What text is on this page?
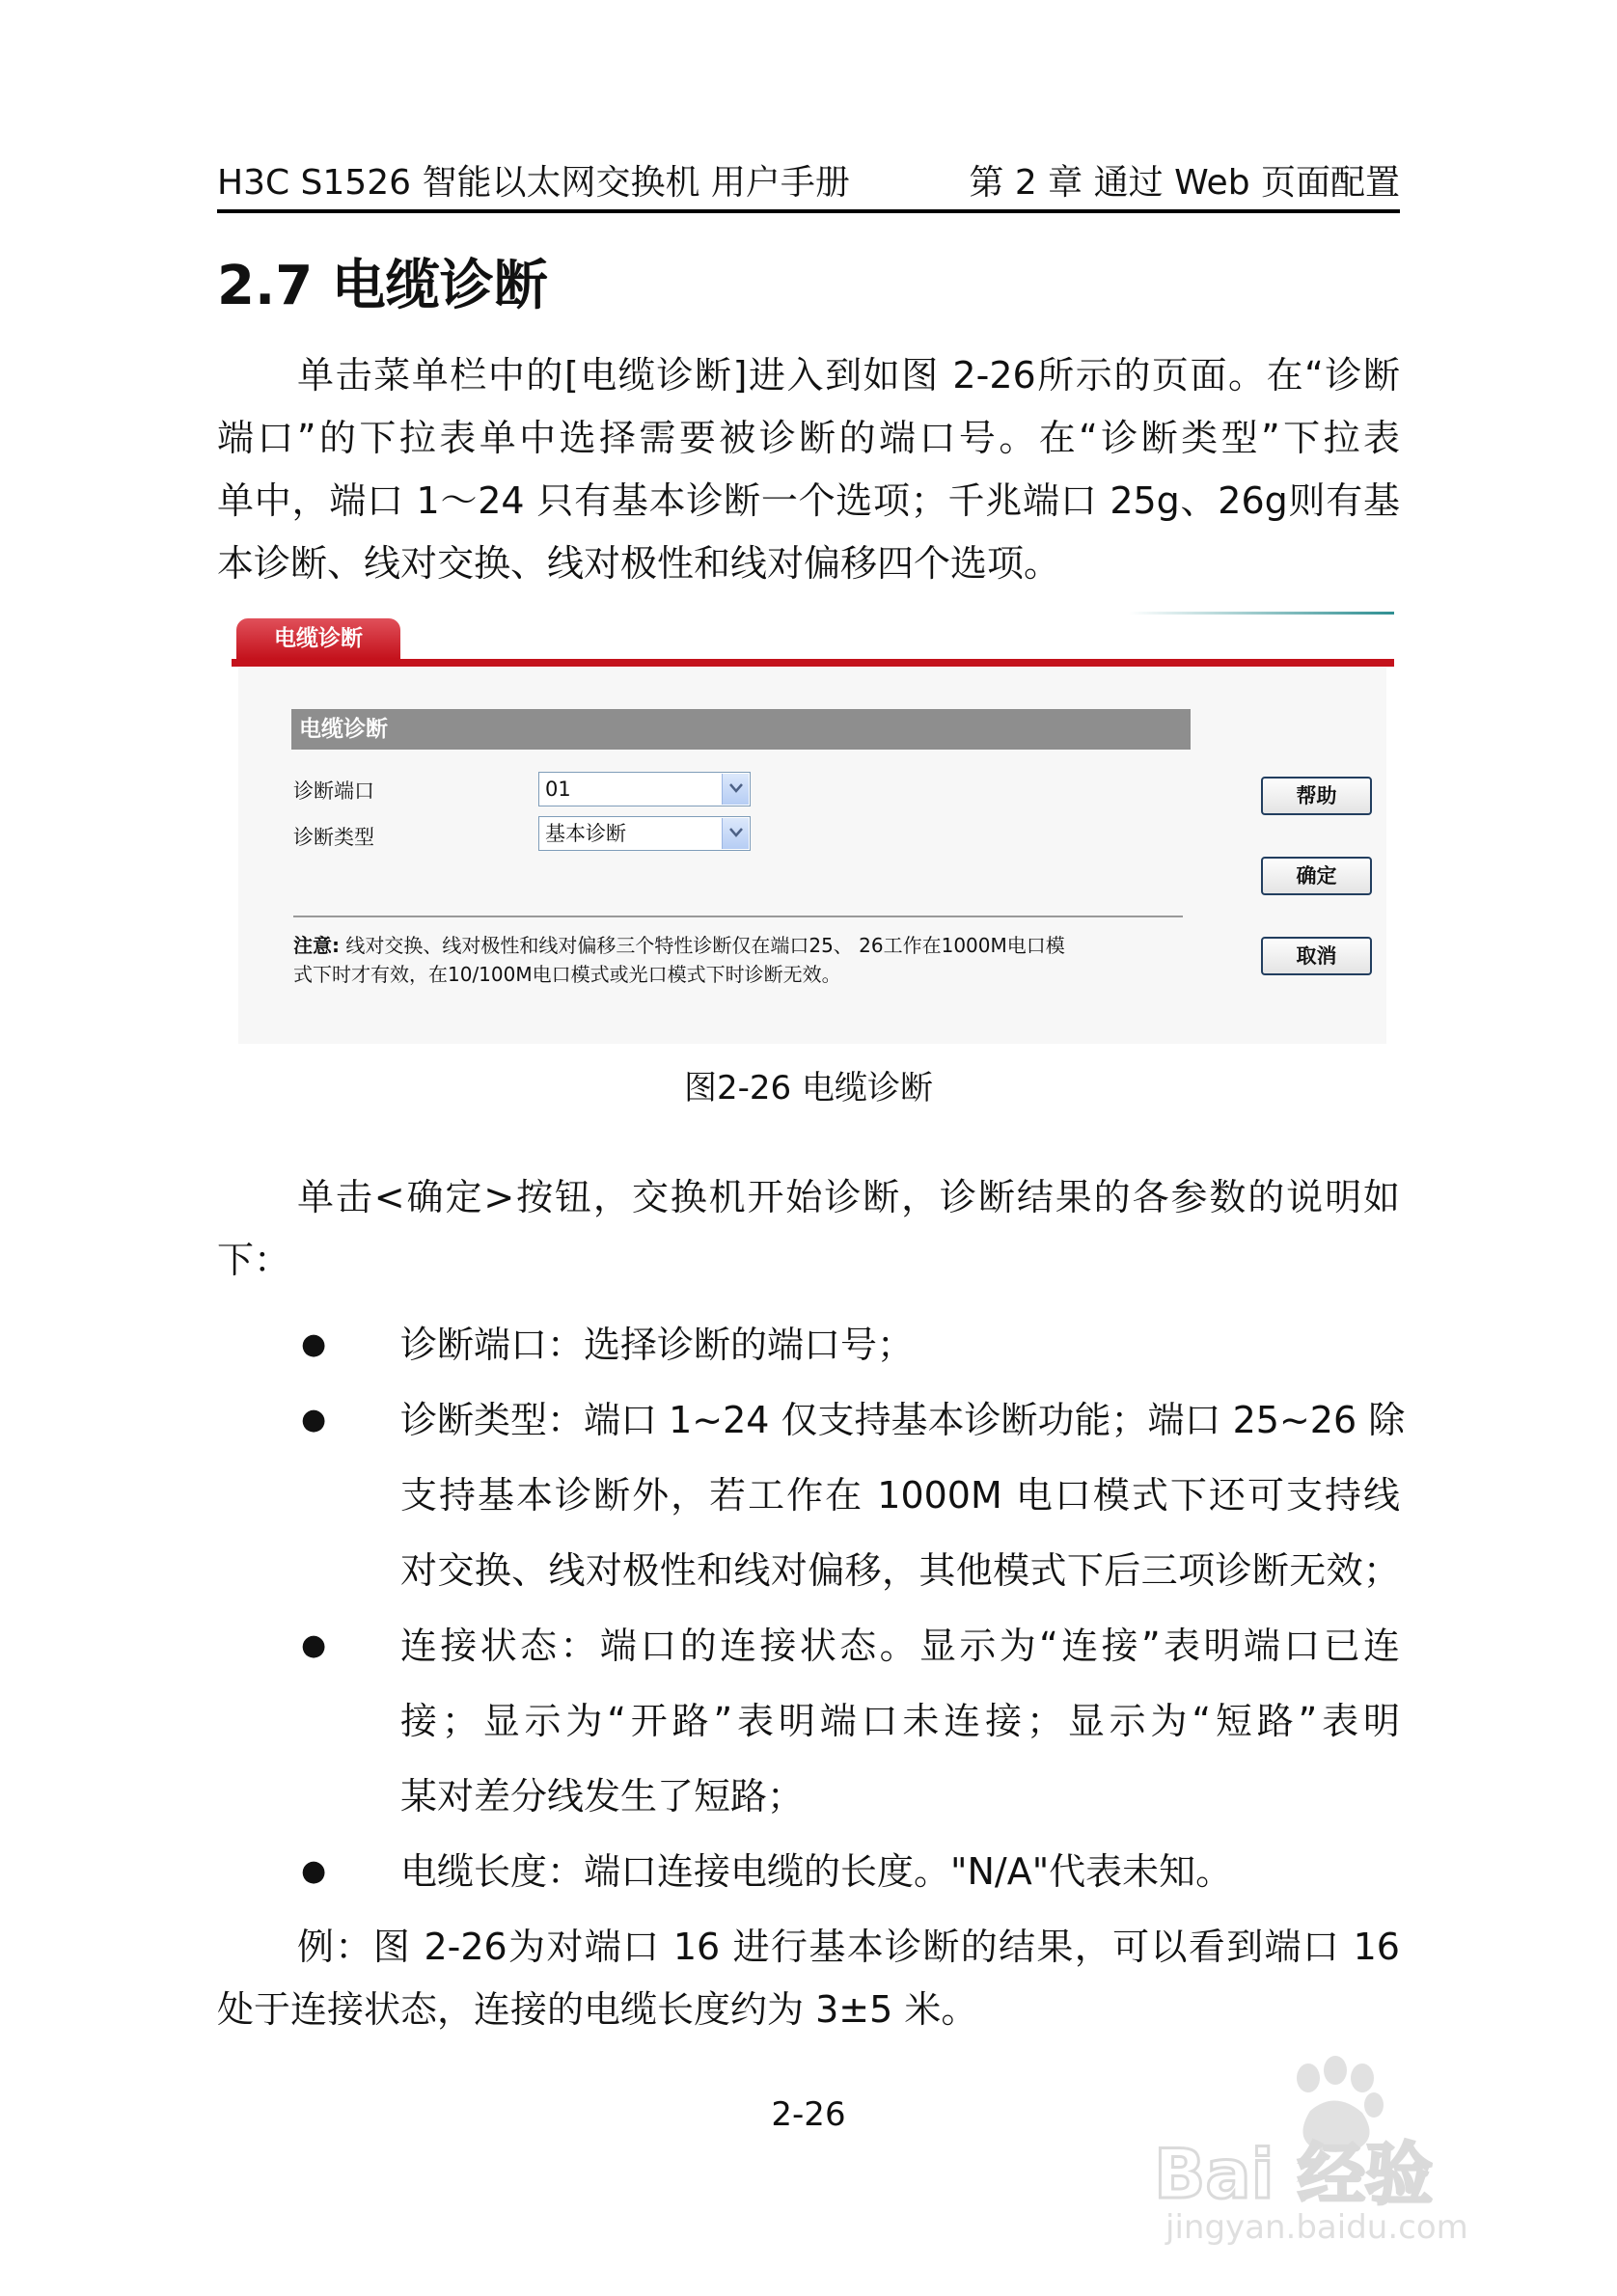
H3C S1526 智能以太网交换机 用户手册	第 2 章 通过 Web 页面配置
2.7 电缆诊断
单击菜单栏中的[电缆诊断]进入到如图 2-26所示的页面。在“诊断
端口”的下拉表单中选择需要被诊断的端口号。在“诊断类型”下拉表
单中，端口 1～24 只有基本诊断一个选项；千兆端口 25g、26g则有基
本诊断、线对交换、线对极性和线对偏移四个选项。
电缆诊断
电缆诊断
诊断端口	01
诊断类型	基本诊断
注意: 线对交换、线对极性和线对偏移三个特性诊断仅在端口25、 26工作在1000M电口模
式下时才有效，在10/100M电口模式或光口模式下时诊断无效。
帮助
确定
取消
图2-26 电缆诊断
单击<确定>按钮，交换机开始诊断，诊断结果的各参数的说明如
下：
● 诊断端口：选择诊断的端口号；
● 诊断类型：端口 1~24 仅支持基本诊断功能；端口 25~26 除
支持基本诊断外，若工作在 1000M 电口模式下还可支持线
对交换、线对极性和线对偏移，其他模式下后三项诊断无效；
● 连接状态：端口的连接状态。显示为“连接”表明端口已连
接；显示为“开路”表明端口未连接；显示为“短路”表明
某对差分线发生了短路；
● 电缆长度：端口连接电缆的长度。"N/A"代表未知。
例：图 2-26为对端口 16 进行基本诊断的结果，可以看到端口 16
处于连接状态，连接的电缆长度约为 3±5 米。
2-26
Bai 经验
jingyan.baidu.com
